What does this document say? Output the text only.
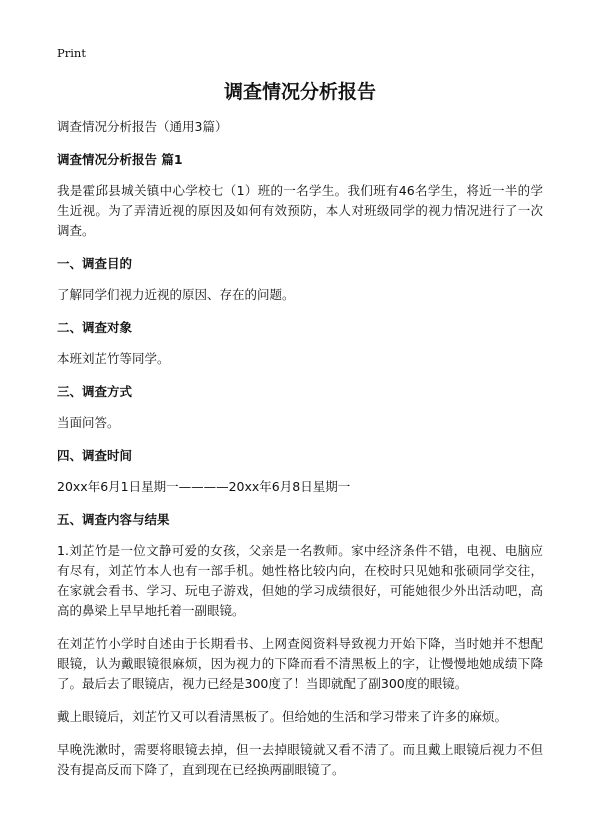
Print
调查情况分析报告

调查情况分析报告（通用3篇）

调查情况分析报告 篇1

我是霍邱县城关镇中心学校七（1）班的一名学生。我们班有46名学生，将近一半的学生近视。为了弄清近视的原因及如何有效预防，本人对班级同学的视力情况进行了一次调查。

一、调查目的

了解同学们视力近视的原因、存在的问题。

二、调查对象

本班刘芷竹等同学。

三、调查方式

当面问答。

四、调查时间

20xx年6月1日星期一————20xx年6月8日星期一

五、调查内容与结果

1.刘芷竹是一位文静可爱的女孩，父亲是一名教师。家中经济条件不错，电视、电脑应有尽有，刘芷竹本人也有一部手机。她性格比较内向，在校时只见她和张硕同学交往，在家就会看书、学习、玩电子游戏，但她的学习成绩很好，可能她很少外出活动吧，高高的鼻梁上早早地托着一副眼镜。

在刘芷竹小学时自述由于长期看书、上网查阅资料导致视力开始下降，当时她并不想配眼镜，认为戴眼镜很麻烦，因为视力的下降而看不清黑板上的字，让慢慢地她成绩下降了。最后去了眼镜店，视力已经是300度了！当即就配了副300度的眼镜。

戴上眼镜后，刘芷竹又可以看清黑板了。但给她的生活和学习带来了许多的麻烦。

早晚洗漱时，需要将眼镜去掉，但一去掉眼镜就又看不清了。而且戴上眼镜后视力不但没有提高反而下降了，直到现在已经换两副眼镜了。
